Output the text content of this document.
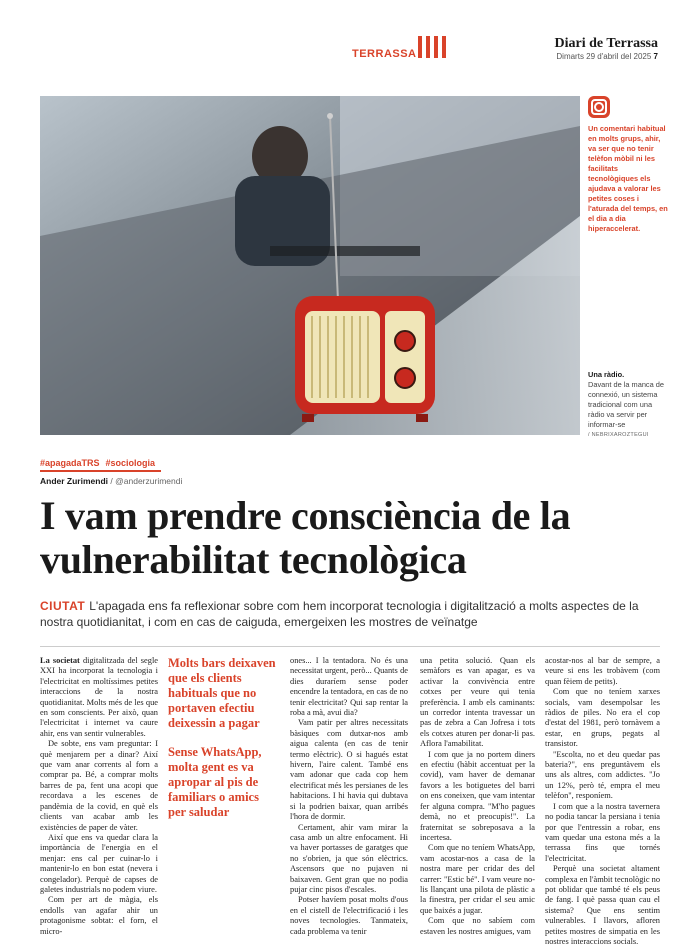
TERRASSA
Diari de Terrassa
Dimarts 29 d'abril del 2025 7
Un comentari habitual en molts grups, ahir, va ser que no tenir telèfon mòbil ni les facilitats tecnològiques els ajudava a valorar les petites coses i l'aturada del temps, en el dia a dia hiperaccelerat.
Una ràdio.
Davant de la manca de connexió, un sistema tradicional com una ràdio va servir per informar-se
/ NEBRIXAROZTEGUI
#apagadaTRS #sociologia
Ander Zurimendi / @anderzurimendi
I vam prendre consciència de la vulnerabilitat tecnològica
CIUTAT L'apagada ens fa reflexionar sobre com hem incorporat tecnologia i digitalització a molts aspectes de la nostra quotidianitat, i com en cas de caiguda, emergeixen les mostres de veïnatge

La societat digitalitzada del segle XXI ha incorporat la tecnologia i l'electricitat en moltíssimes petites interaccions de la nostra quotidianitat. Molts més de les que en som conscients. Per això, quan l'electricitat i internet va caure ahir, ens van sentir vulnerables.

De sobte, ens vam preguntar: I què menjarem per a dinar? Així que vam anar corrents al forn a comprar pa. Bé, a comprar molts barres de pa, fent una acopi que recordava a les escenes de pandèmia de la covid, en què els clients van acabar amb les existències de paper de vàter.

Així que ens va quedar clara la importància de l'energia en el menjar: ens cal per cuinar-lo i mantenir-lo en bon estat (nevera i congelador). Perquè de capses de galetes industrials no podem viure.

Com per art de màgia, els endolls van agafar ahir un protagonisme sobtat: el forn, el micro-

Molts bars deixaven que els clients habituals que no portaven efectiu deixessin a pagar
Sense WhatsApp, molta gent es va apropar al pis de familiars o amics per saludar

ones... I la tentadora. No és una necessitat urgent, però... Quants de dies duraríem sense poder encendre la tentadora, en cas de no tenir electricitat? Qui sap rentar la roba a mà, avui dia?

Vam patir per altres necessitats bàsiques com dutxar-nos amb aigua calenta (en cas de tenir termo elèctric). O si hagués estat hivern, l'aire calent. També ens vam adonar que cada cop hem electrificat més les persianes de les habitacions. I hi havia qui dubtava si la podrien baixar, quan arribés l'hora de dormir.

Certament, ahir vam mirar la casa amb un altre enfocament. Hi va haver portasses de garatges que no s'obrien, ja que són elèctrics. Ascensors que no pujaven ni baixaven. Gent gran que no podia pujar cinc pisos d'escales.

Potser havíem posat molts d'ous en el cistell de l'electrificació i les noves tecnologies. Tanmateix, cada problema va tenir

una petita solució. Quan els semàfors es van apagar, es va activar la convivència entre cotxes per veure qui tenia preferència. I amb els caminants: un corredor intenta travessar un pas de zebra a Can Jofresa i tots els cotxes aturen per donar-li pas. Aflora l'amabilitat.

I com que ja no portem diners en efectiu (hàbit accentuat per la covid), vam haver de demanar favors a les botiguetes del barri on ens coneixen, que vam intentar fer alguna compra. "M'ho pagues demà, no et preocupis!". La fraternitat se sobreposava a la incertesa.

Com que no teníem WhatsApp, vam acostar-nos a casa de la nostra mare per cridar des del carrer: "Estic bé". I vam veure no-lis llançant una pilota de plàstic a la finestra, per cridar el seu amic que baixés a jugar.

Com que no sabíem com estaven les nostres amigues, vam

acostar-nos al bar de sempre, a veure si ens les trobàvem (com quan fèiem de petits).

Com que no teníem xarxes socials, vam desempolsar les ràdios de piles. No era el cop d'estat del 1981, però tornàvem a estar, en grups, pegats al transistor.

"Escolta, no et deu quedar pas bateria?", ens preguntàvem els uns als altres, com addictes. "Jo un 12%, però té, empra el meu telèfon", responíem.

I com que a la nostra tavernera no podia tancar la persiana i tenia por que l'entressin a robar, ens vam quedar una estona més a la terrassa fins que tornés l'electricitat.

Perquè una societat altament complexa en l'àmbit tecnològic no pot oblidar que també té els peus de fang. I què passa quan cau el sistema? Que ens sentim vulnerables. I llavors, afloren petites mostres de simpatia en les nostres interaccions socials.
